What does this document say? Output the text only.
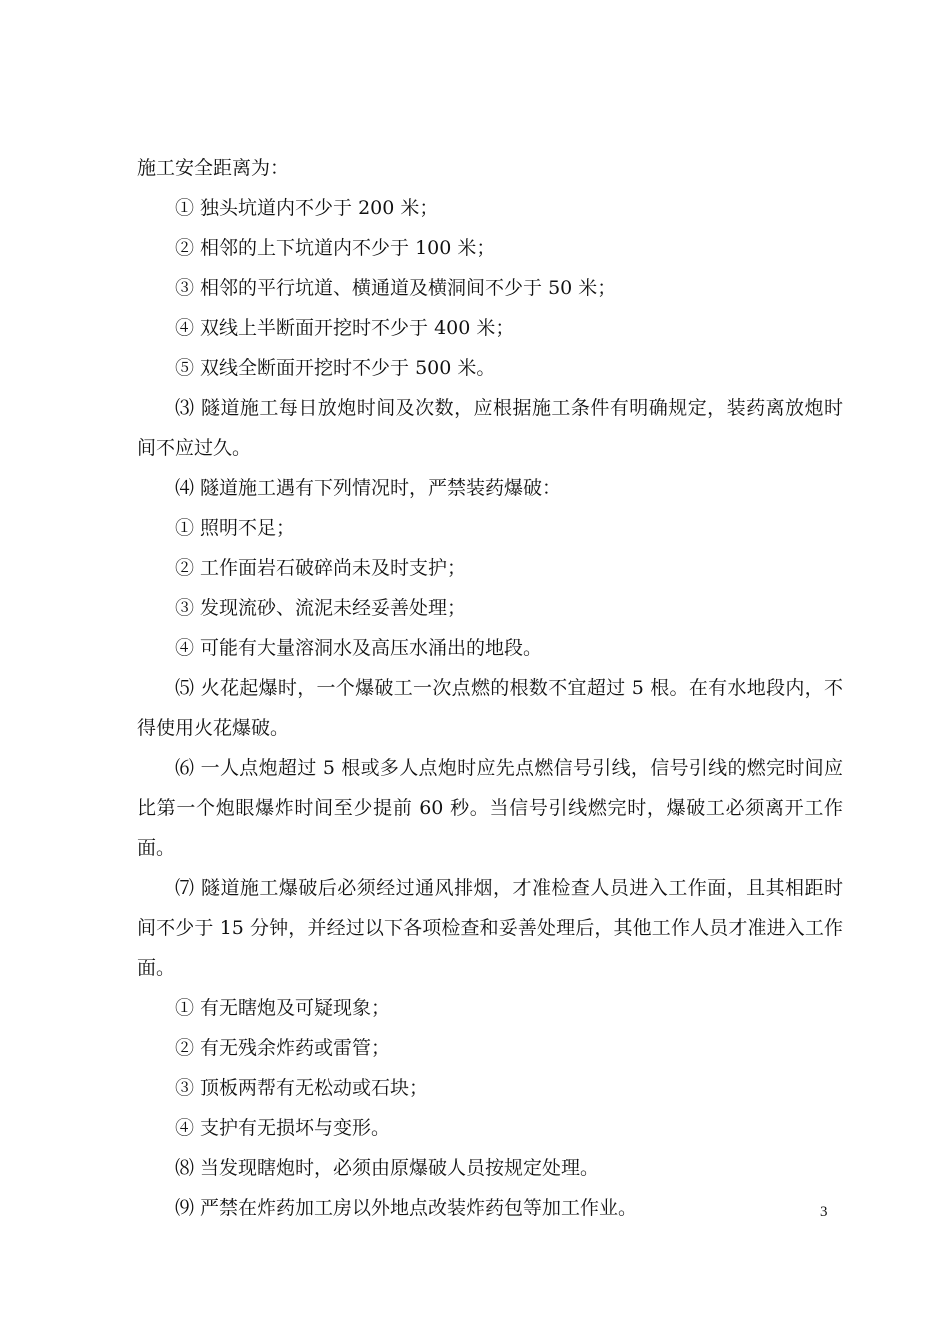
施工安全距离为：

① 独头坑道内不少于 200 米；

② 相邻的上下坑道内不少于 100 米；

③ 相邻的平行坑道、横通道及横洞间不少于 50 米；

④ 双线上半断面开挖时不少于 400 米；

⑤ 双线全断面开挖时不少于 500 米。

⑶ 隧道施工每日放炮时间及次数，应根据施工条件有明确规定，装药离放炮时间不应过久。

⑷ 隧道施工遇有下列情况时，严禁装药爆破：

① 照明不足；

② 工作面岩石破碎尚未及时支护；

③ 发现流砂、流泥未经妥善处理；

④ 可能有大量溶洞水及高压水涌出的地段。

⑸ 火花起爆时，一个爆破工一次点燃的根数不宜超过 5 根。在有水地段内，不得使用火花爆破。

⑹ 一人点炮超过 5 根或多人点炮时应先点燃信号引线，信号引线的燃完时间应比第一个炮眼爆炸时间至少提前 60 秒。当信号引线燃完时，爆破工必须离开工作面。

⑺ 隧道施工爆破后必须经过通风排烟，才准检查人员进入工作面，且其相距时间不少于 15 分钟，并经过以下各项检查和妥善处理后，其他工作人员才准进入工作面。

① 有无瞎炮及可疑现象；

② 有无残余炸药或雷管；

③ 顶板两帮有无松动或石块；

④ 支护有无损坏与变形。

⑻ 当发现瞎炮时，必须由原爆破人员按规定处理。

⑼ 严禁在炸药加工房以外地点改装炸药包等加工作业。	3
